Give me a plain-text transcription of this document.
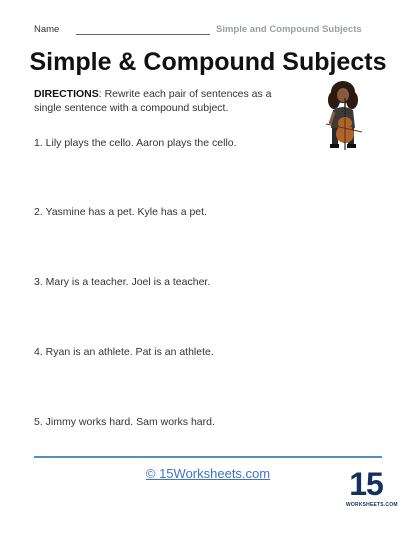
Name	Simple and Compound Subjects
Simple & Compound Subjects
DIRECTIONS: Rewrite each pair of sentences as a single sentence with a compound subject.
1. Lily plays the cello. Aaron plays the cello.
2. Yasmine has a pet. Kyle has a pet.
3. Mary is a teacher. Joel is a teacher.
4. Ryan is an athlete. Pat is an athlete.
5. Jimmy works hard. Sam works hard.
© 15Worksheets.com	15
WORKSHEETS.COM
